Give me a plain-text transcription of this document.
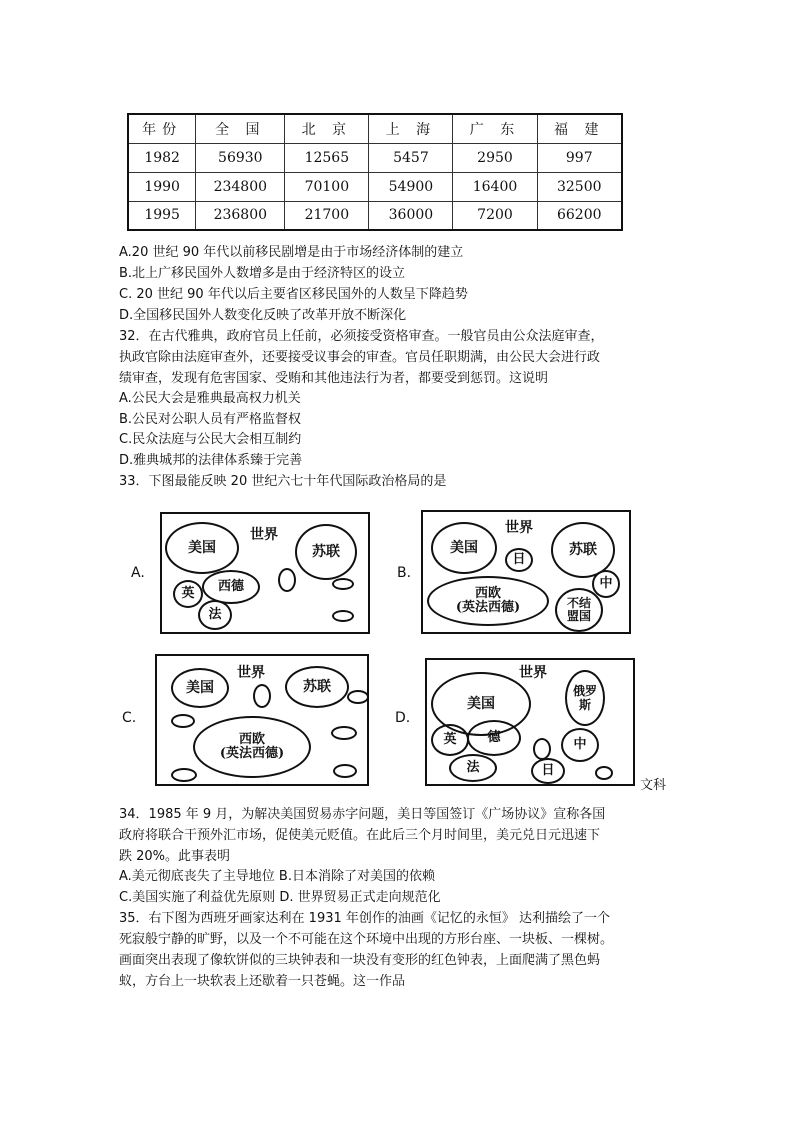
年份	全 国	北 京	上 海	广 东	福 建
1982	56930	12565	5457	2950	997
1990	234800	70100	54900	16400	32500
1995	236800	21700	36000	7200	66200
A.20 世纪 90 年代以前移民剧增是由于市场经济体制的建立
B.北上广移民国外人数增多是由于经济特区的设立
C. 20 世纪 90 年代以后主要省区移民国外的人数呈下降趋势
D.全国移民国外人数变化反映了改革开放不断深化
32．在古代雅典，政府官员上任前，必须接受资格审查。一般官员由公众法庭审查，
执政官除由法庭审查外，还要接受议事会的审查。官员任职期满，由公民大会进行政
绩审查，发现有危害国家、受贿和其他违法行为者，都要受到惩罚。这说明
A.公民大会是雅典最高权力机关
B.公民对公职人员有严格监督权
C.民众法庭与公民大会相互制约
D.雅典城邦的法律体系臻于完善
33．下图最能反映 20 世纪六七十年代国际政治格局的是
A.	B.
C.	D.
世界
美国	苏联
西德
英
法
世界
美国
日
苏联
中
西欧
(英法西德)	不结
盟国
世界
美国	苏联
西欧
(英法西德)
世界
美国
俄罗
斯
英	德	中
法	日
文科
34．1985 年 9 月，为解决美国贸易赤字问题，美日等国签订《广场协议》宣称各国
政府将联合干预外汇市场，促使美元贬值。在此后三个月时间里，美元兑日元迅速下
跌 20%。此事表明
A.美元彻底丧失了主导地位 B.日本消除了对美国的依赖
C.美国实施了利益优先原则 D. 世界贸易正式走向规范化
35．右下图为西班牙画家达利在 1931 年创作的油画《记忆的永恒》 达利描绘了一个
死寂般宁静的旷野，以及一个不可能在这个环境中出现的方形台座、一块板、一棵树。
画面突出表现了像软饼似的三块钟表和一块没有变形的红色钟表，上面爬满了黑色蚂
蚁，方台上一块软表上还歇着一只苍蝇。这一作品
